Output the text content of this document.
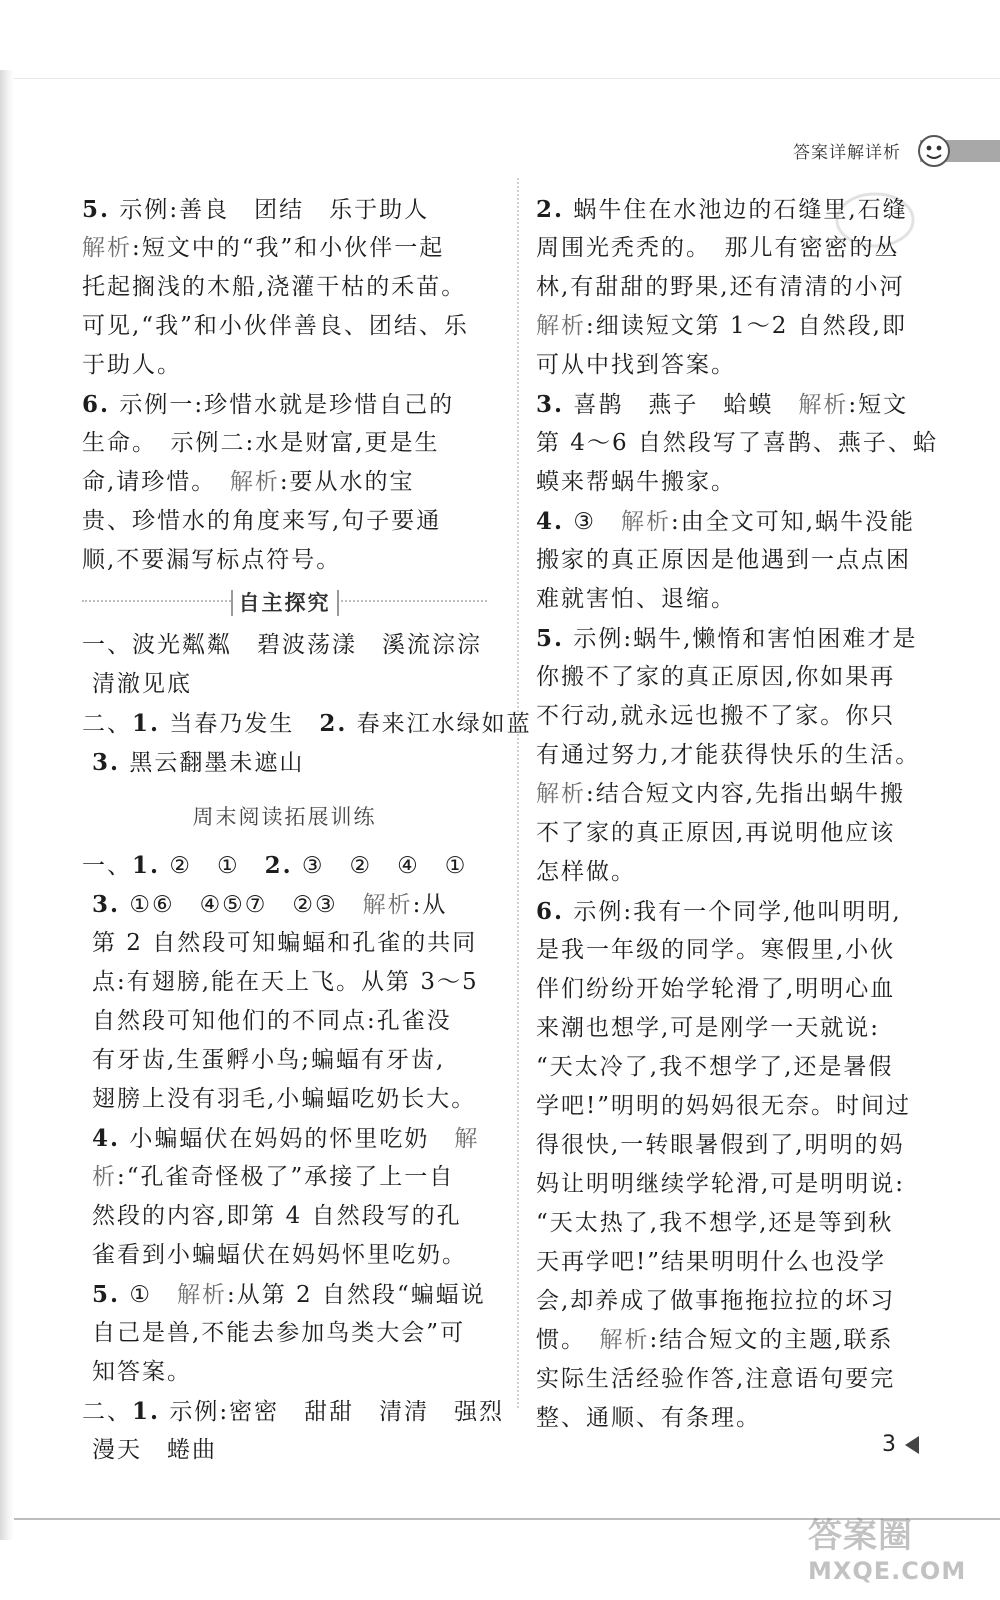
答案详解详析
5. 示例:善良　团结　乐于助人
解析:短文中的“我”和小伙伴一起
托起搁浅的木船,浇灌干枯的禾苗。
可见,“我”和小伙伴善良、团结、乐
于助人。
6. 示例一:珍惜水就是珍惜自己的
生命。　示例二:水是财富,更是生
命,请珍惜。　解析:要从水的宝
贵、珍惜水的角度来写,句子要通
顺,不要漏写标点符号。
自主探究
一、波光粼粼　碧波荡漾　溪流淙淙
清澈见底
二、1. 当春乃发生　2. 春来江水绿如蓝
3. 黑云翻墨未遮山
周末阅读拓展训练
一、1. ②　①　2. ③　②　④　①
3. ①⑥　④⑤⑦　②③　解析:从
第 2 自然段可知蝙蝠和孔雀的共同
点:有翅膀,能在天上飞。从第 3～5
自然段可知他们的不同点:孔雀没
有牙齿,生蛋孵小鸟;蝙蝠有牙齿,
翅膀上没有羽毛,小蝙蝠吃奶长大。
4. 小蝙蝠伏在妈妈的怀里吃奶　解
析:“孔雀奇怪极了”承接了上一自
然段的内容,即第 4 自然段写的孔
雀看到小蝙蝠伏在妈妈怀里吃奶。
5. ①　解析:从第 2 自然段“蝙蝠说
自己是兽,不能去参加鸟类大会”可
知答案。
二、1. 示例:密密　甜甜　清清　强烈
漫天　蜷曲
2. 蜗牛住在水池边的石缝里,石缝
周围光秃秃的。　那儿有密密的丛
林,有甜甜的野果,还有清清的小河
解析:细读短文第 1～2 自然段,即
可从中找到答案。
3. 喜鹊　燕子　蛤蟆　解析:短文
第 4～6 自然段写了喜鹊、燕子、蛤
蟆来帮蜗牛搬家。
4. ③　解析:由全文可知,蜗牛没能
搬家的真正原因是他遇到一点点困
难就害怕、退缩。
5. 示例:蜗牛,懒惰和害怕困难才是
你搬不了家的真正原因,你如果再
不行动,就永远也搬不了家。你只
有通过努力,才能获得快乐的生活。
解析:结合短文内容,先指出蜗牛搬
不了家的真正原因,再说明他应该
怎样做。
6. 示例:我有一个同学,他叫明明,
是我一年级的同学。寒假里,小伙
伴们纷纷开始学轮滑了,明明心血
来潮也想学,可是刚学一天就说:
“天太冷了,我不想学了,还是暑假
学吧!”明明的妈妈很无奈。时间过
得很快,一转眼暑假到了,明明的妈
妈让明明继续学轮滑,可是明明说:
“天太热了,我不想学,还是等到秋
天再学吧!”结果明明什么也没学
会,却养成了做事拖拖拉拉的坏习
惯。　解析:结合短文的主题,联系
实际生活经验作答,注意语句要完
整、通顺、有条理。
3
答案圈 MXQE.COM
